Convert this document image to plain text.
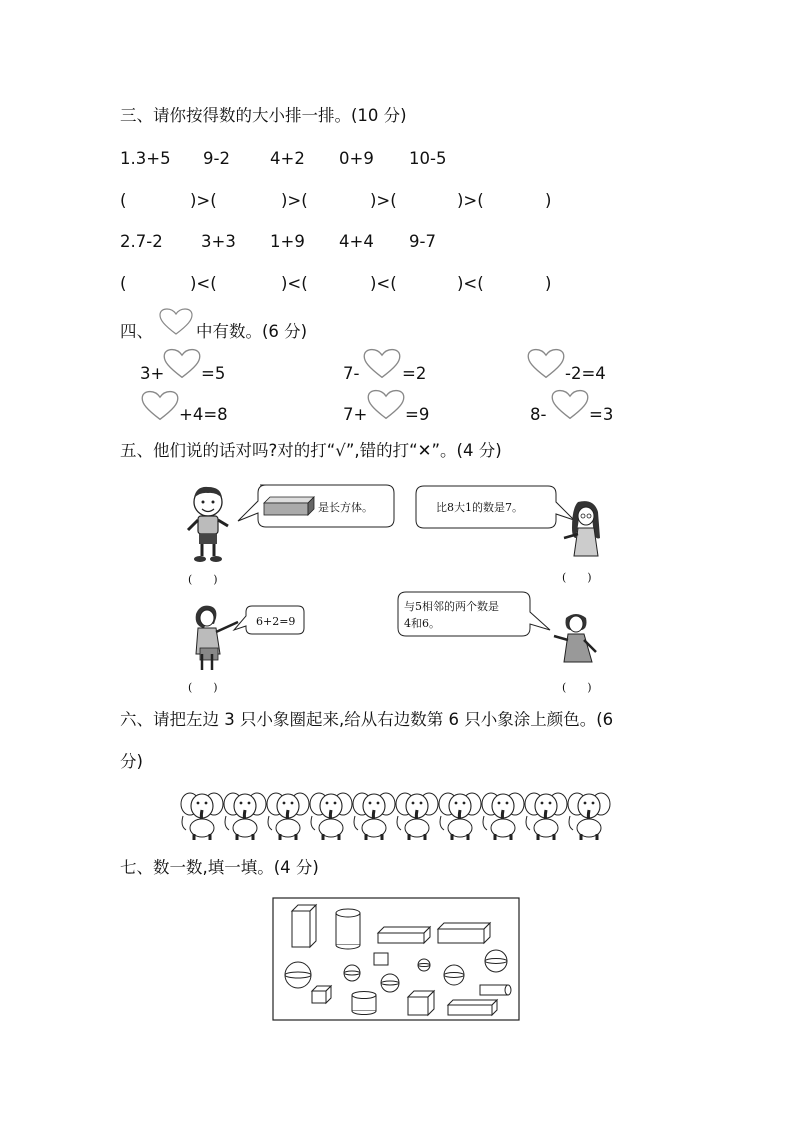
三、请你按得数的大小排一排。(10 分)
1.3+5 9-2 4+2 0+9 10-5
(	)>(	)>(	)>(	)>(	)
2.7-2 3+3 1+9 4+4 9-7
(	)<(	)<(	)<(	)<(	)
四、	中有数。(6 分)
3+ =5	7-	=2	-2=4
+4=8	7+ =9	8-	=3
五、他们说的话对吗?对的打“√”,错的打“✕”。(4 分)
(      )
是长方体。	比8大1的数是7。
(      )
(      )
6+2=9
与5相邻的两个数是
4和6。
(      )
六、请把左边 3 只小象圈起来,给从右边数第 6 只小象涂上颜色。(6
分)
七、数一数,填一填。(4 分)
